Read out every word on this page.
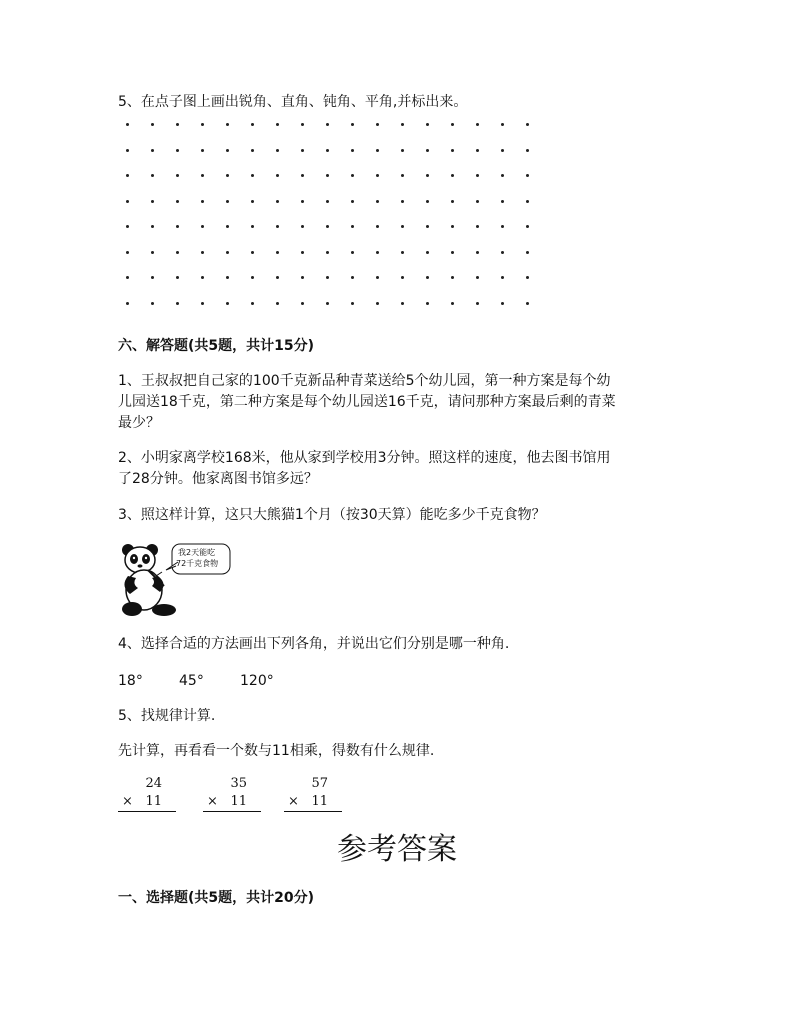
5、在点子图上画出锐角、直角、钝角、平角,并标出来。
六、解答题(共5题，共计15分)
1、王叔叔把自己家的100千克新品种青菜送给5个幼儿园，第一种方案是每个幼
儿园送18千克，第二种方案是每个幼儿园送16千克，请问那种方案最后剩的青菜
最少？
2、小明家离学校168米，他从家到学校用3分钟。照这样的速度，他去图书馆用
了28分钟。他家离图书馆多远？
3、照这样计算，这只大熊猫1个月（按30天算）能吃多少千克食物？
我2天能吃
72千克食物
4、选择合适的方法画出下列各角，并说出它们分别是哪一种角.
18°	45°	120°
5、找规律计算.
先计算，再看看一个数与11相乘，得数有什么规律.
24
× 11
35
× 11
57
× 11
参考答案
一、选择题(共5题，共计20分)
